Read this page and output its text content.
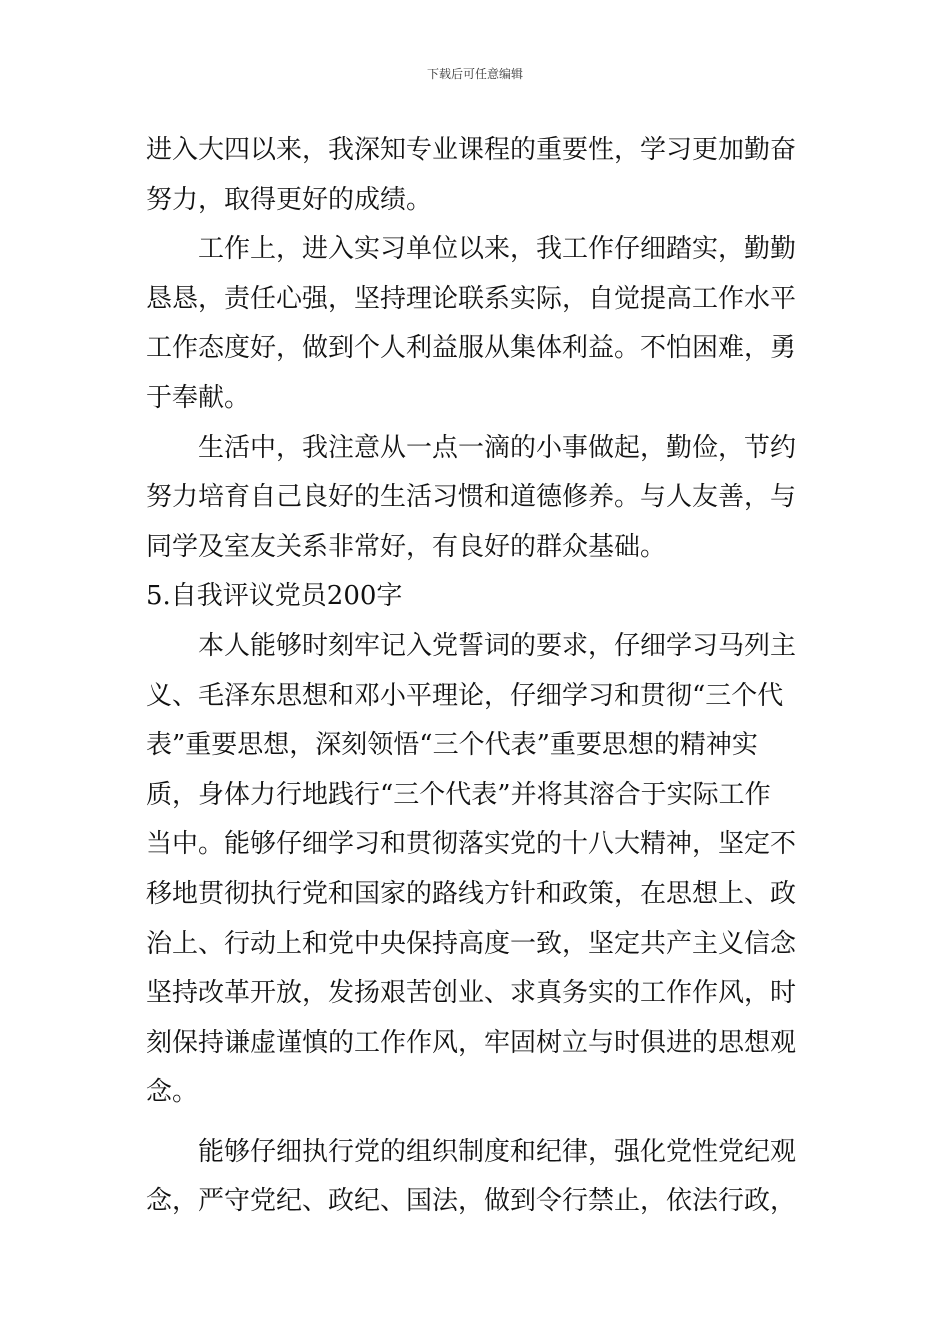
下载后可任意编辑
进入大四以来，我深知专业课程的重要性，学习更加勤奋
努力，取得更好的成绩。
工作上，进入实习单位以来，我工作仔细踏实，勤勤
恳恳，责任心强，坚持理论联系实际，自觉提高工作水平
工作态度好，做到个人利益服从集体利益。不怕困难，勇
于奉献。
生活中，我注意从一点一滴的小事做起，勤俭，节约
努力培育自己良好的生活习惯和道德修养。与人友善，与
同学及室友关系非常好，有良好的群众基础。
5.自我评议党员200字
本人能够时刻牢记入党誓词的要求，仔细学习马列主
义、毛泽东思想和邓小平理论，仔细学习和贯彻“三个代
表”重要思想，深刻领悟“三个代表”重要思想的精神实
质，身体力行地践行“三个代表”并将其溶合于实际工作
当中。能够仔细学习和贯彻落实党的十八大精神，坚定不
移地贯彻执行党和国家的路线方针和政策，在思想上、政
治上、行动上和党中央保持高度一致，坚定共产主义信念
坚持改革开放，发扬艰苦创业、求真务实的工作作风，时
刻保持谦虚谨慎的工作作风，牢固树立与时俱进的思想观
念。
能够仔细执行党的组织制度和纪律，强化党性党纪观
念，严守党纪、政纪、国法，做到令行禁止，依法行政，
